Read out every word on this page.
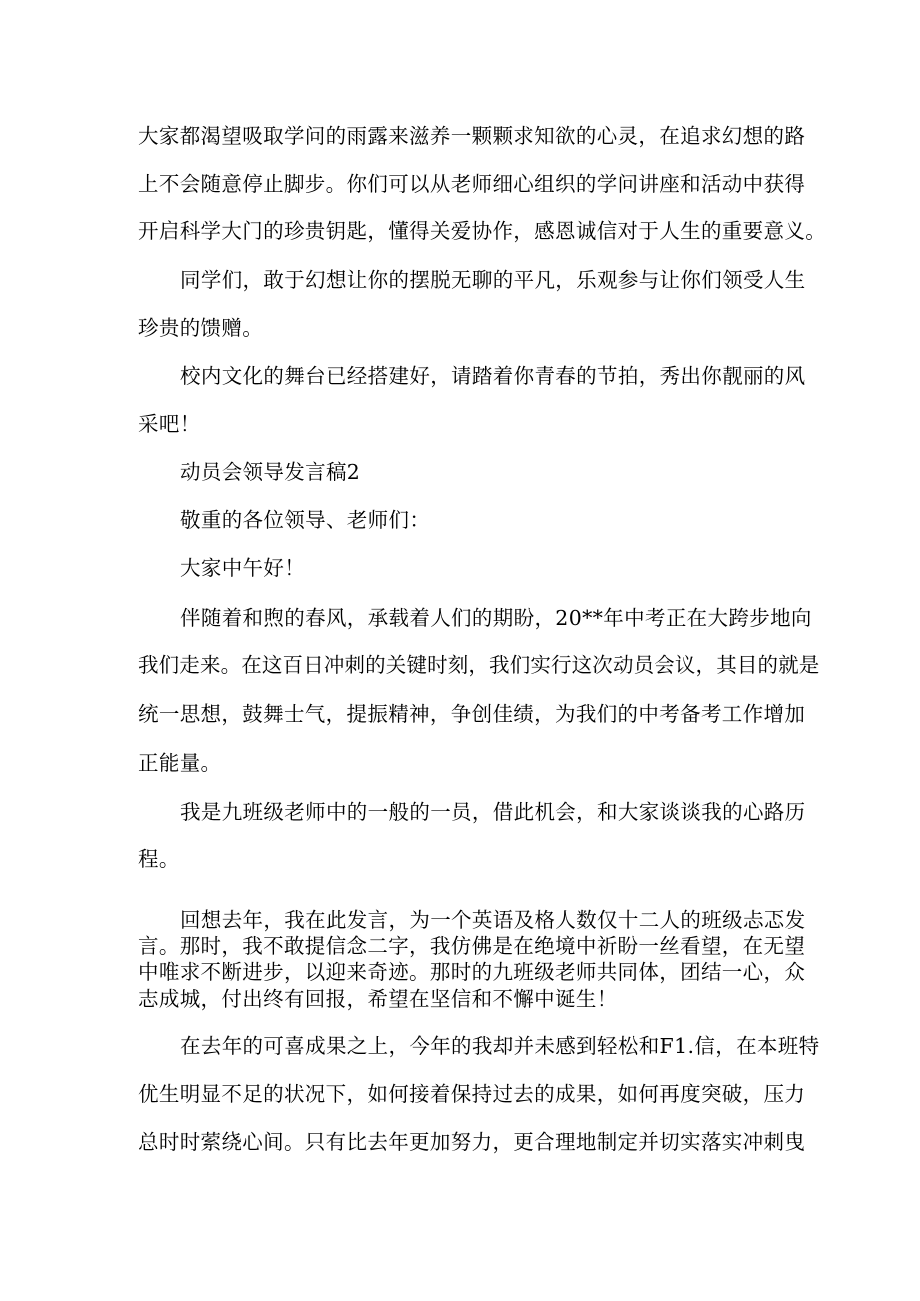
大家都渴望吸取学问的雨露来滋养一颗颗求知欲的心灵，在追求幻想的路
上不会随意停止脚步。你们可以从老师细心组织的学问讲座和活动中获得
开启科学大门的珍贵钥匙，懂得关爱协作，感恩诚信对于人生的重要意义。
同学们，敢于幻想让你的摆脱无聊的平凡，乐观参与让你们领受人生
珍贵的馈赠。
校内文化的舞台已经搭建好，请踏着你青春的节拍，秀出你靓丽的风
采吧！
动员会领导发言稿2
敬重的各位领导、老师们：
大家中午好！
伴随着和煦的春风，承载着人们的期盼，20**年中考正在大跨步地向
我们走来。在这百日冲刺的关键时刻，我们实行这次动员会议，其目的就是
统一思想，鼓舞士气，提振精神，争创佳绩，为我们的中考备考工作增加
正能量。
我是九班级老师中的一般的一员，借此机会，和大家谈谈我的心路历
程。
回想去年，我在此发言，为一个英语及格人数仅十二人的班级忐忑发
言。那时，我不敢提信念二字，我仿佛是在绝境中祈盼一丝看望，在无望
中唯求不断进步，以迎来奇迹。那时的九班级老师共同体，团结一心，众
志成城，付出终有回报，希望在坚信和不懈中诞生！
在去年的可喜成果之上，今年的我却并未感到轻松和F1.信，在本班特
优生明显不足的状况下，如何接着保持过去的成果，如何再度突破，压力
总时时萦绕心间。只有比去年更加努力，更合理地制定并切实落实冲刺曳
